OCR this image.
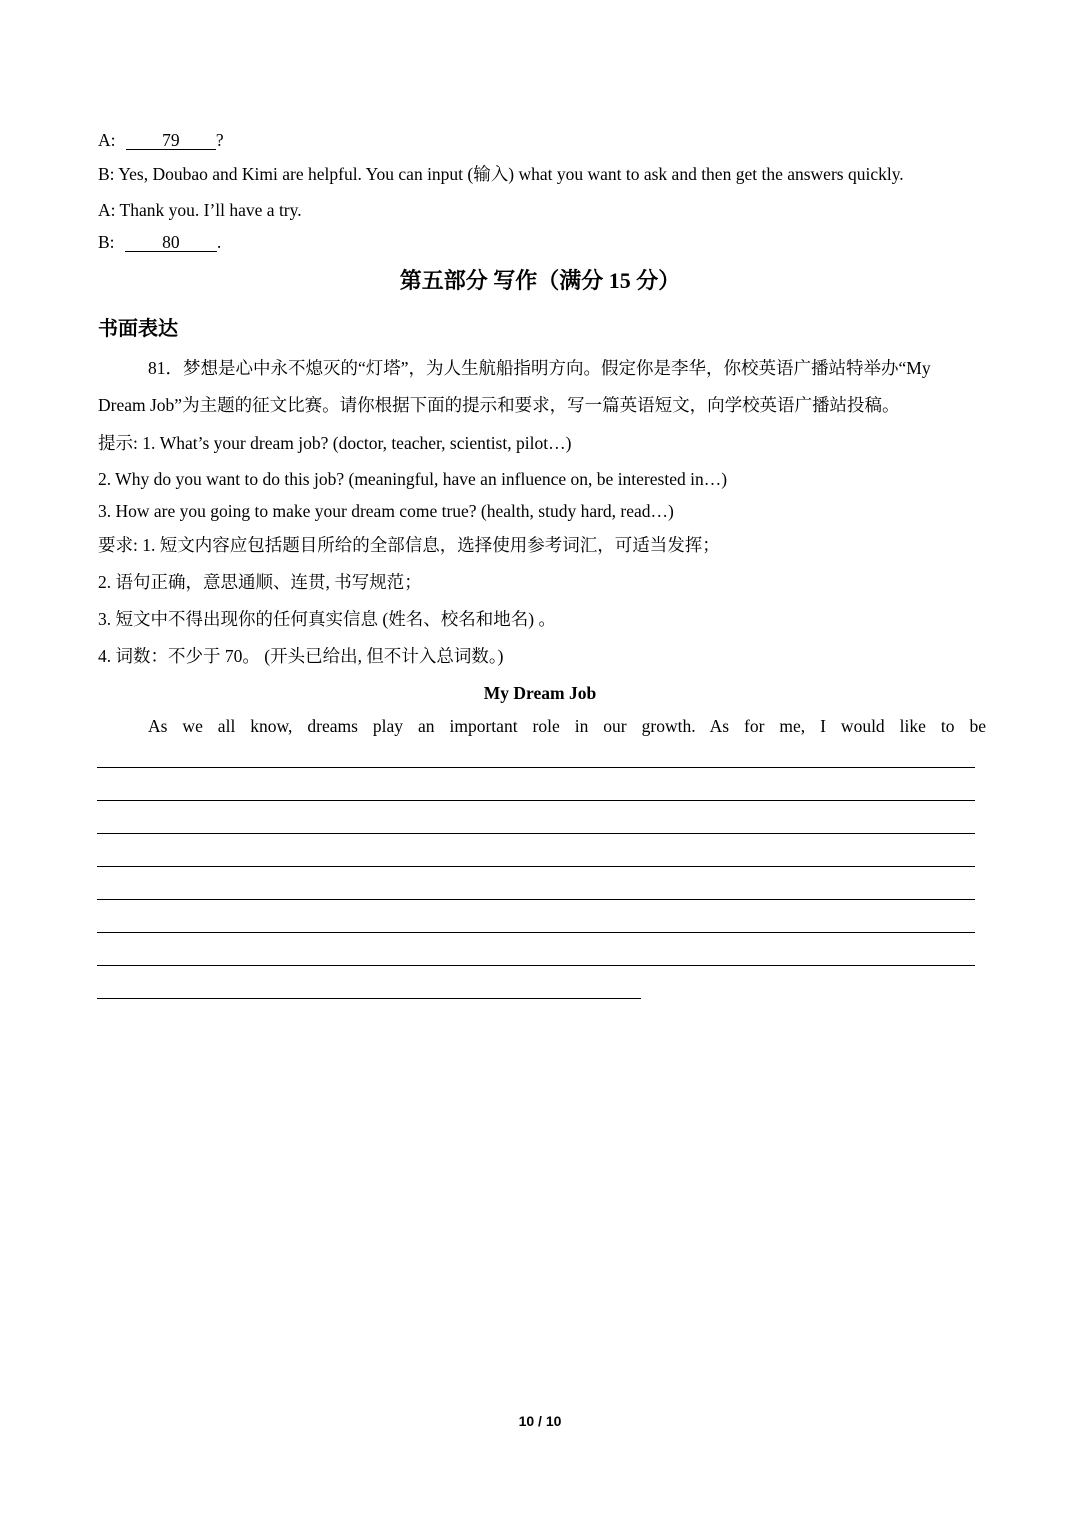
A:	79 ?
B: Yes, Doubao and Kimi are helpful. You can input (输入) what you want to ask and then get the answers quickly.
A: Thank you. I’ll have a try.
B:	80 .
第五部分 写作（满分 15 分）
书面表达
81．梦想是心中永不熄灭的“灯塔”，为人生航船指明方向。假定你是李华，你校英语广播站特举办“My
Dream Job”为主题的征文比赛。请你根据下面的提示和要求，写一篇英语短文，向学校英语广播站投稿。
提示: 1. What’s your dream job? (doctor, teacher, scientist, pilot…)
2. Why do you want to do this job? (meaningful, have an influence on, be interested in…)
3. How are you going to make your dream come true? (health, study hard, read…)
要求: 1. 短文内容应包括题目所给的全部信息，选择使用参考词汇，可适当发挥；
2. 语句正确，意思通顺、连贯, 书写规范；
3. 短文中不得出现你的任何真实信息 (姓名、校名和地名) 。
4. 词数：不少于 70。 (开头已给出, 但不计入总词数。)
My Dream Job
As we all know, dreams play an important role in our growth. As for me, I would like to be
10 / 10
